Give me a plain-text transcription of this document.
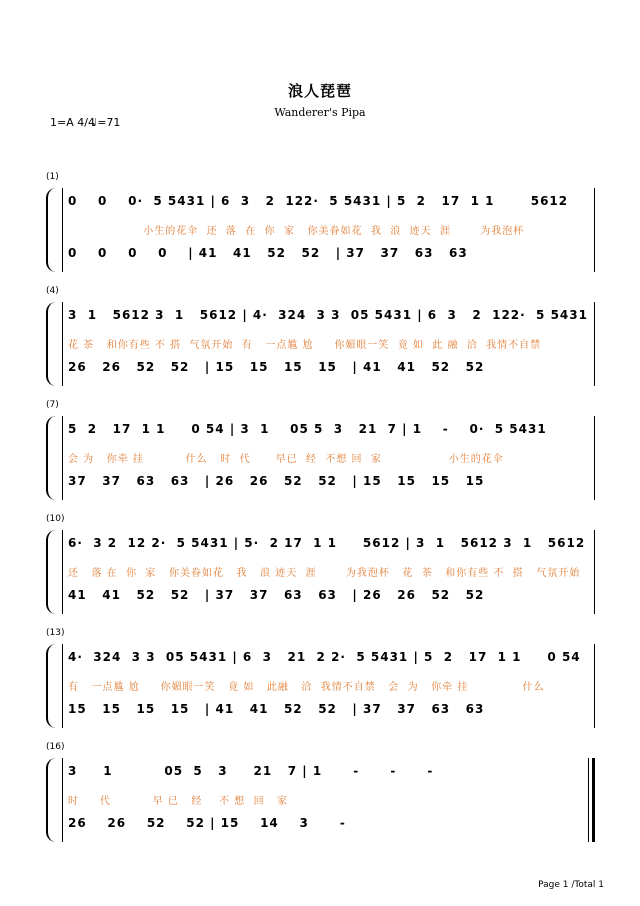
浪人琵琶
Wanderer's Pipa
1=A 4/4
♩=71
(1)
0    0    0·  5 5431 | 6  3   2  122·  5 5431 | 5  2   17  1 1       5612
小生的花伞  还  落  在  你  家   你美眷如花  我  浪  迹天  涯       为我泡杯
0    0    0    0    | 41   41   52   52   | 37   37   63   63
(4)
3  1   5612 3  1   5612 | 4·  324  3 3  05 5431 | 6  3   2  122·  5 5431
花 茶   和你有些 不 搭  气氛开始  有   一点尴 尬     你媚眼一笑  竟 如  此 融  洽  我情不自禁
26   26   52   52   | 15   15   15   15   | 41   41   52   52
(7)
5  2   17  1 1     0 54 | 3  1    05 5  3   21  7 | 1    -    0·  5 5431
会 为   你牵 挂          什么   时  代      早已  经  不想 回  家                小生的花伞
37   37   63   63   | 26   26   52   52   | 15   15   15   15
(10)
6·  3 2  12 2·  5 5431 | 5·  2 17  1 1     5612 | 3  1   5612 3  1   5612
还   落 在  你  家   你美眷如花   我   浪 迹天  涯       为我泡杯   花  茶   和你有些 不  搭   气氛开始
41   41   52   52   | 37   37   63   63   | 26   26   52   52
(13)
4·  324  3 3  05 5431 | 6  3   21  2 2·  5 5431 | 5  2   17  1 1     0 54
有   一点尴 尬     你媚眼一笑   竟 如   此融   洽  我情不自禁   会  为   你牵 挂             什么
15   15   15   15   | 41   41   52   52   | 37   37   63   63
(16)
3     1          05  5   3     21   7 | 1      -      -      -
时     代          早 已   经    不 想  回   家
26    26    52    52 | 15    14    3      -
Page 1 /Total 1
